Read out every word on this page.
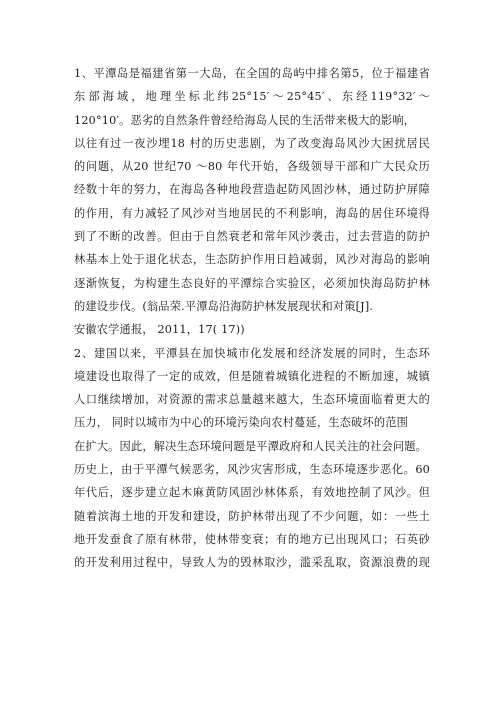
1、平潭岛是福建省第一大岛，在全国的岛屿中排名第5，位于福建省
东部海域，地理坐标北纬25°15′～25°45′、东经119°32′～
120°10′。恶劣的自然条件曾经给海岛人民的生活带来极大的影响，
以往有过一夜沙埋18 村的历史悲剧，为了改变海岛风沙大困扰居民
的问题，从20 世纪70 ～80 年代开始，各级领导干部和广大民众历
经数十年的努力，在海岛各种地段营造起防风固沙林，通过防护屏障
的作用，有力减轻了风沙对当地居民的不利影响，海岛的居住环境得
到了不断的改善。但由于自然衰老和常年风沙袭击，过去营造的防护
林基本上处于退化状态，生态防护作用日趋减弱，风沙对海岛的影响
逐渐恢复，为构建生态良好的平潭综合实验区，必须加快海岛防护林
的建设步伐。(翁品荣.平潭岛沿海防护林发展现状和对策[J].
安徽农学通报， 2011，17( 17))
2、建国以来，平潭县在加快城市化发展和经济发展的同时，生态环
境建设也取得了一定的成效，但是随着城镇化进程的不断加速，城镇
人口继续增加，对资源的需求总量越来越大，生态环境面临着更大的
压力， 同时以城市为中心的环境污染向农村蔓延，生态破坏的范围
在扩大。因此，解决生态环境问题是平潭政府和人民关注的社会问题。
历史上，由于平潭气候恶劣，风沙灾害形成，生态环境逐步恶化。60
年代后，逐步建立起木麻黄防风固沙林体系，有效地控制了风沙。但
随着滨海土地的开发和建设，防护林带出现了不少问题，如：一些土
地开发蚕食了原有林带，使林带变衰；有的地方已出现风口；石英砂
的开发利用过程中，导致人为的毁林取沙，滥采乱取，资源浪费的现
